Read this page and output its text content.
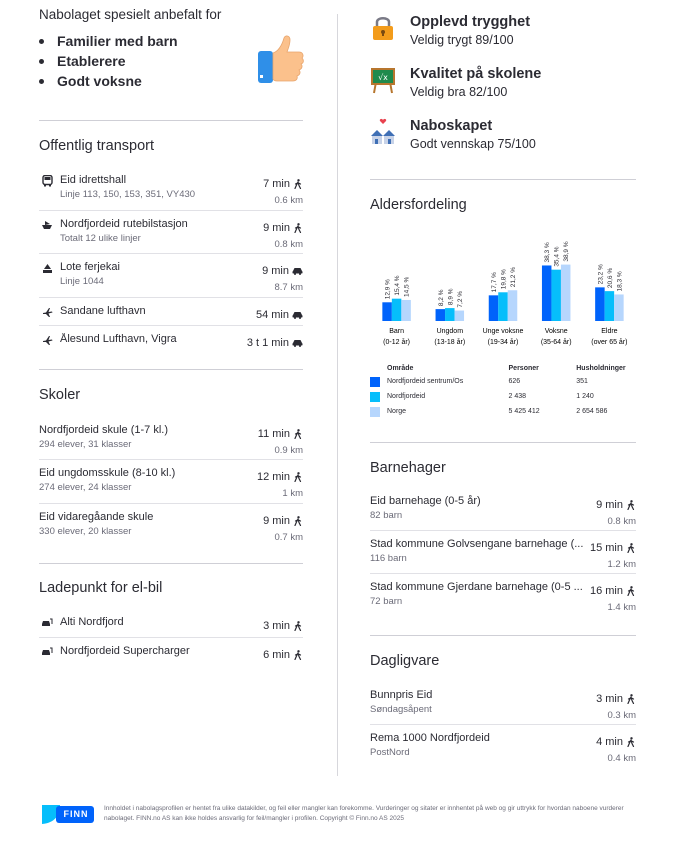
Nabolaget spesielt anbefalt for
Familier med barn
Etablerere
Godt voksne
Offentlig transport
Eid idrettshall
Linje 113, 150, 153, 351, VY430
7 min
0.6 km
Nordfjordeid rutebilstasjon
Totalt 12 ulike linjer
9 min
0.8 km
Lote ferjekai
Linje 1044
9 min
8.7 km
Sandane lufthavn	54 min
Ålesund Lufthavn, Vigra	3 t 1 min
Skoler
Nordfjordeid skule (1-7 kl.)
294 elever, 31 klasser
11 min
0.9 km
Eid ungdomsskule (8-10 kl.)
274 elever, 24 klasser
12 min
1 km
Eid vidaregåande skule
330 elever, 20 klasser
9 min
0.7 km
Ladepunkt for el-bil
Alti Nordfjord	3 min
Nordfjordeid Supercharger	6 min
Opplevd trygghet
Veldig trygt 89/100
√x Kvalitet på skolene
Veldig bra 82/100
Naboskapet
Godt vennskap 75/100
Aldersfordeling
12,9 % 15,4 % 14,5 %
Barn
(0-12 år)
8,2 % 8,9 % 7,2 %
Ungdom
(13-18 år)
17,7 % 19,8 % 21,2 %
Unge voksne
(19-34 år)
38,3 % 35,4 % 38,9 %
Voksne
(35-64 år)
23,2 % 20,6 % 18,3 %
Eldre
(over 65 år)
Område	Personer	Husholdninger
Nordfjordeid sentrum/Os	626	351
Nordfjordeid	2 438	1 240
Norge	5 425 412	2 654 586
Barnehager
Eid barnehage (0-5 år)
82 barn
9 min
0.8 km
Stad kommune Golvsengane barnehage (...
116 barn
15 min
1.2 km
Stad kommune Gjerdane barnehage (0-5 ...
72 barn
16 min
1.4 km
Dagligvare
Bunnpris Eid
Søndagsåpent
3 min
0.3 km
Rema 1000 Nordfjordeid
PostNord
4 min
0.4 km
FINN
Innholdet i nabolagsprofilen er hentet fra ulike datakilder, og feil eller mangler kan forekomme. Vurderinger og sitater er innhentet på web og gir uttrykk for hvordan naboene vurderer nabolaget. FINN.no AS kan ikke holdes ansvarlig for feil/mangler i profilen. Copyright © Finn.no AS 2025
